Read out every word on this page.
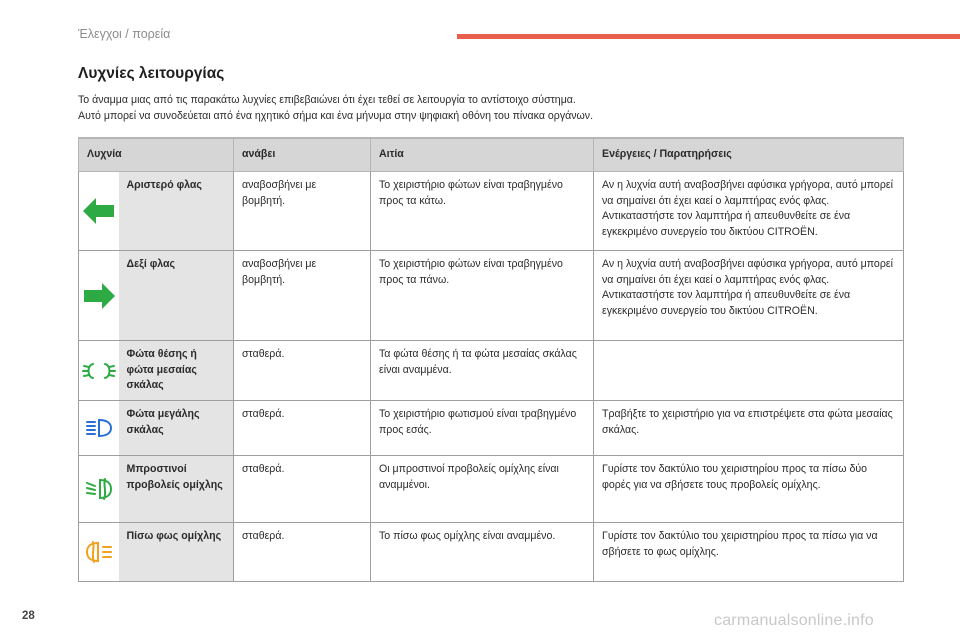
Έλεγχοι / πορεία
Λυχνίες λειτουργίας
Το άναμμα μιας από τις παρακάτω λυχνίες επιβεβαιώνει ότι έχει τεθεί σε λειτουργία το αντίστοιχο σύστημα.
Αυτό μπορεί να συνοδεύεται από ένα ηχητικό σήμα και ένα μήνυμα στην ψηφιακή οθόνη του πίνακα οργάνων.
Λυχνία		ανάβει	Αιτία	Ενέργειες / Παρατηρήσεις

	Αριστερό φλας	αναβοσβήνει με βομβητή.	Το χειριστήριο φώτων είναι τραβηγμένο προς τα κάτω.	Αν η λυχνία αυτή αναβοσβήνει αφύσικα γρήγορα, αυτό μπορεί να σημαίνει ότι έχει καεί ο λαμπτήρας ενός φλας. Αντικαταστήστε τον λαμπτήρα ή απευθυνθείτε σε ένα εγκεκριμένο συνεργείο του δικτύου CITROËN.

	Δεξί φλας	αναβοσβήνει με βομβητή.	Το χειριστήριο φώτων είναι τραβηγμένο προς τα πάνω.	Αν η λυχνία αυτή αναβοσβήνει αφύσικα γρήγορα, αυτό μπορεί να σημαίνει ότι έχει καεί ο λαμπτήρας ενός φλας. Αντικαταστήστε τον λαμπτήρα ή απευθυνθείτε σε ένα εγκεκριμένο συνεργείο του δικτύου CITROËN.

	Φώτα θέσης ή φώτα μεσαίας σκάλας	σταθερά.	Τα φώτα θέσης ή τα φώτα μεσαίας σκάλας είναι αναμμένα.	

	Φώτα μεγάλης σκάλας	σταθερά.	Το χειριστήριο φωτισμού είναι τραβηγμένο προς εσάς.	Τραβήξτε το χειριστήριο για να επιστρέψετε στα φώτα μεσαίας σκάλας.

	Μπροστινοί προβολείς ομίχλης	σταθερά.	Οι μπροστινοί προβολείς ομίχλης είναι αναμμένοι.	Γυρίστε τον δακτύλιο του χειριστηρίου προς τα πίσω δύο φορές για να σβήσετε τους προβολείς ομίχλης.

	Πίσω φως ομίχλης	σταθερά.	Το πίσω φως ομίχλης είναι αναμμένο.	Γυρίστε τον δακτύλιο του χειριστηρίου προς τα πίσω για να σβήσετε το φως ομίχλης.
28	carmanualsonline.info
